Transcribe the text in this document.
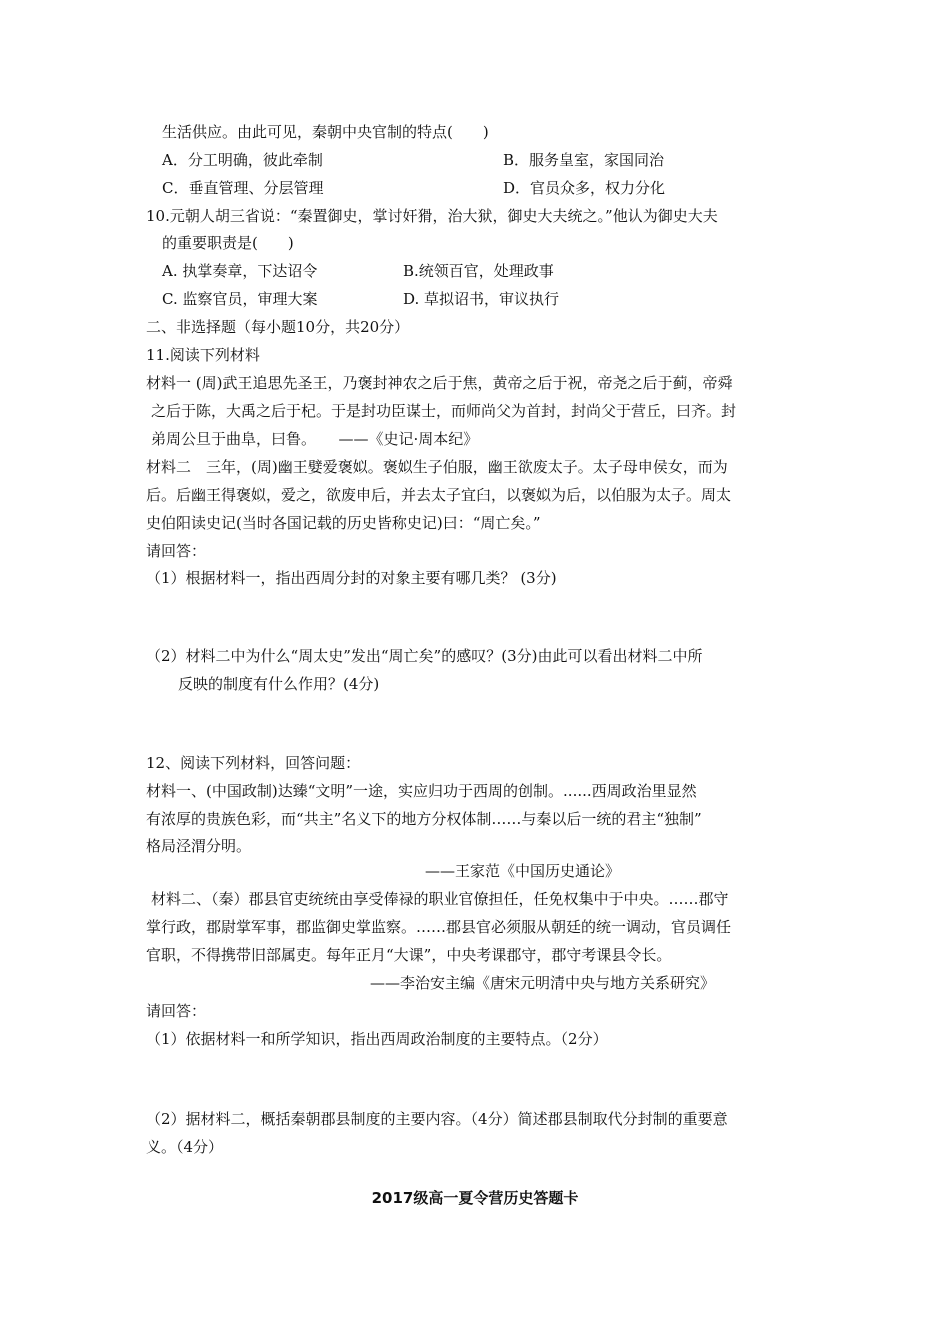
生活供应。由此可见，秦朝中央官制的特点(　　)
A．分工明确，彼此牵制	B．服务皇室，家国同治
C．垂直管理、分层管理	D．官员众多，权力分化
10.元朝人胡三省说：“秦置御史，掌讨奸猾，治大狱，御史大夫统之。”他认为御史大夫
的重要职责是(　　)
A. 执掌奏章，下达诏令	B.统领百官，处理政事
C. 监察官员，审理大案	D. 草拟诏书，审议执行
二、非选择题（每小题10分，共20分）
11.阅读下列材料
材料一 (周)武王追思先圣王，乃褒封神农之后于焦，黄帝之后于祝，帝尧之后于蓟，帝舜
之后于陈，大禹之后于杞。于是封功臣谋士，而师尚父为首封，封尚父于营丘，曰齐。封
弟周公旦于曲阜，曰鲁。　　——《史记·周本纪》
材料二　三年，(周)幽王嬖爱褒姒。褒姒生子伯服，幽王欲废太子。太子母申侯女，而为
后。后幽王得褒姒，爱之，欲废申后，并去太子宜臼，以褒姒为后，以伯服为太子。周太
史伯阳读史记(当时各国记载的历史皆称史记)曰：“周亡矣。”
请回答：
（1）根据材料一，指出西周分封的对象主要有哪几类？ (3分)
（2）材料二中为什么“周太史”发出“周亡矣”的感叹？(3分)由此可以看出材料二中所
反映的制度有什么作用？(4分)
12、阅读下列材料，回答问题：
材料一、(中国政制)达臻“文明”一途，实应归功于西周的创制。......西周政治里显然
有浓厚的贵族色彩，而“共主”名义下的地方分权体制……与秦以后一统的君主“独制”
格局泾渭分明。
——王家范《中国历史通论》
材料二、（秦）郡县官吏统统由享受俸禄的职业官僚担任，任免权集中于中央。……郡守
掌行政，郡尉掌军事，郡监御史掌监察。……郡县官必须服从朝廷的统一调动，官员调任
官职，不得携带旧部属吏。每年正月“大课”，中央考课郡守，郡守考课县令长。
——李治安主编《唐宋元明清中央与地方关系研究》
请回答：
（1）依据材料一和所学知识，指出西周政治制度的主要特点。（2分）
（2）据材料二，概括秦朝郡县制度的主要内容。（4分）简述郡县制取代分封制的重要意
义。（4分）
2017级高一夏令营历史答题卡
